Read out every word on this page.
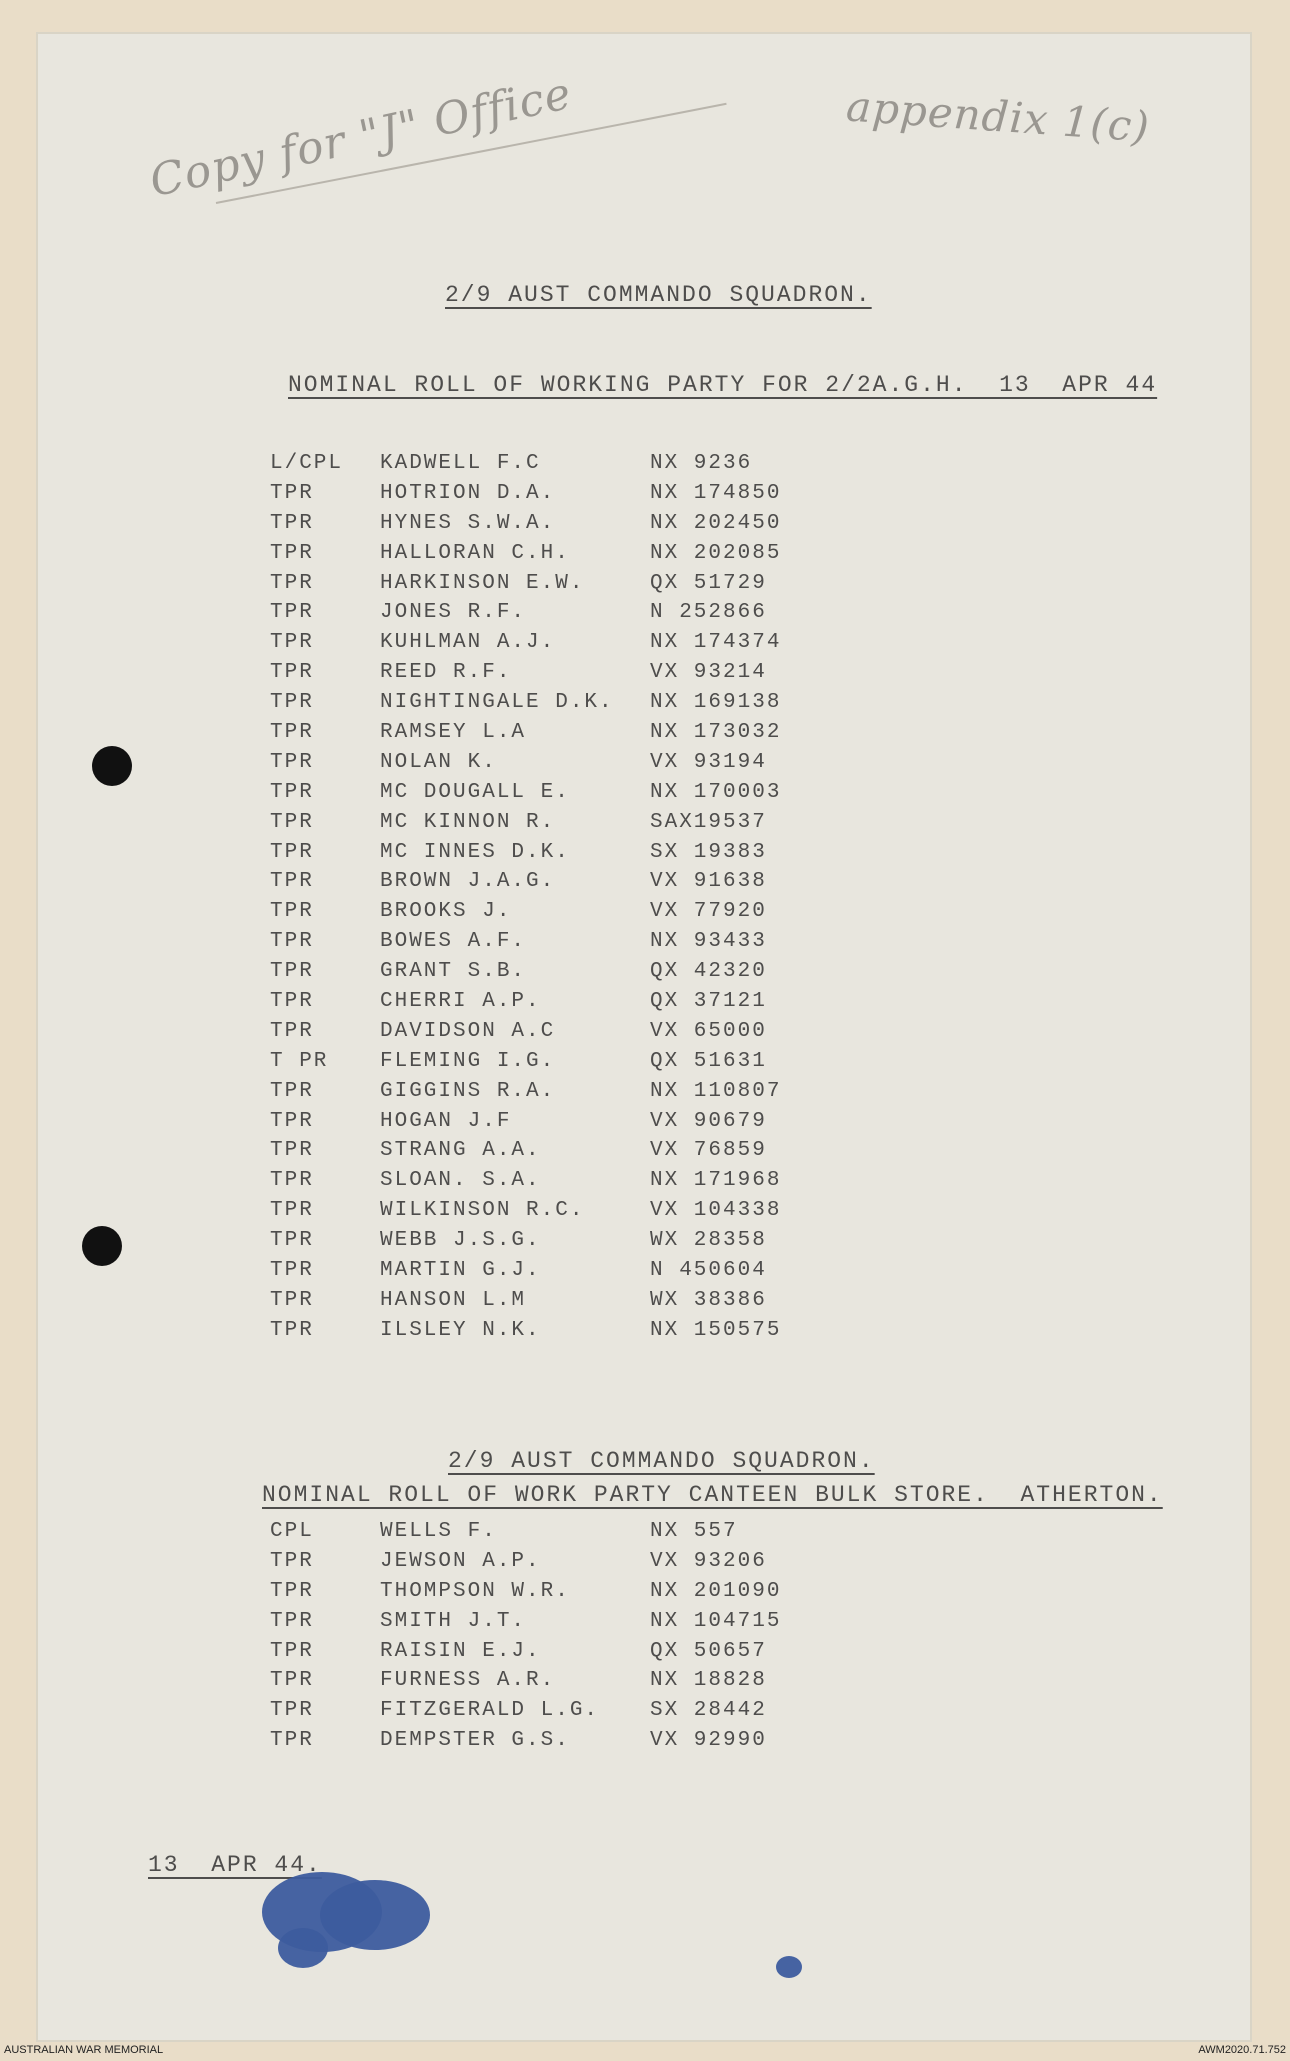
Copy for "J" Office	appendix 1(c)
2/9 AUST COMMANDO SQUADRON.
NOMINAL ROLL OF WORKING PARTY FOR 2/2A.G.H.  13  APR 44
L/CPL KADWELL F.C	NX 9236
TPR	HOTRION D.A.	NX 174850
TPR	HYNES S.W.A.	NX 202450
TPR	HALLORAN C.H.	NX 202085
TPR	HARKINSON E.W.	QX 51729
TPR	JONES R.F.	N 252866
TPR	KUHLMAN A.J.	NX 174374
TPR	REED R.F.	VX 93214
TPR	NIGHTINGALE D.K. NX 169138
TPR	RAMSEY L.A	NX 173032
TPR	NOLAN K.	VX 93194
TPR	MC DOUGALL E.	NX 170003
TPR	MC KINNON R.	SAX19537
TPR	MC INNES D.K.	SX 19383
TPR	BROWN J.A.G.	VX 91638
TPR	BROOKS J.	VX 77920
TPR	BOWES A.F.	NX 93433
TPR	GRANT S.B.	QX 42320
TPR	CHERRI A.P.	QX 37121
TPR	DAVIDSON A.C	VX 65000
T PR FLEMING I.G.	QX 51631
TPR	GIGGINS R.A.	NX 110807
TPR	HOGAN J.F	VX 90679
TPR	STRANG A.A.	VX 76859
TPR	SLOAN. S.A.	NX 171968
TPR	WILKINSON R.C.	VX 104338
TPR	WEBB J.S.G.	WX 28358
TPR	MARTIN G.J.	N 450604
TPR	HANSON L.M	WX 38386
TPR	ILSLEY N.K.	NX 150575
2/9 AUST COMMANDO SQUADRON.
NOMINAL ROLL OF WORK PARTY CANTEEN BULK STORE.  ATHERTON.
CPL	WELLS F.	NX 557
TPR	JEWSON A.P.	VX 93206
TPR	THOMPSON W.R.	NX 201090
TPR	SMITH J.T.	NX 104715
TPR	RAISIN E.J.	QX 50657
TPR	FURNESS A.R.	NX 18828
TPR	FITZGERALD L.G. SX 28442
TPR	DEMPSTER G.S.	VX 92990
13  APR 44.
AUSTRALIAN WAR MEMORIAL	AWM2020.71.752
